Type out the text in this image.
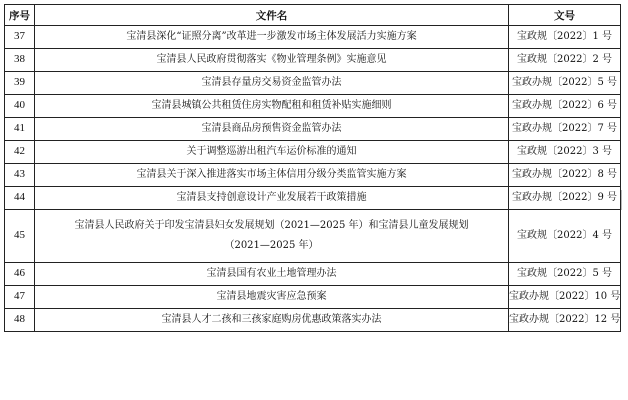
序号	文件名	文号
37	宝清县深化“证照分离”改革进一步激发市场主体发展活力实施方案	宝政规〔2022〕1 号
38	宝清县人民政府贯彻落实《物业管理条例》实施意见	宝政规〔2022〕2 号
39	宝清县存量房交易资金监管办法	宝政办规〔2022〕5 号
40	宝清县城镇公共租赁住房实物配租和租赁补贴实施细则	宝政办规〔2022〕6 号
41	宝清县商品房预售资金监管办法	宝政办规〔2022〕7 号
42	关于调整巡游出租汽车运价标准的通知	宝政规〔2022〕3 号
43	宝清县关于深入推进落实市场主体信用分级分类监管实施方案	宝政办规〔2022〕8 号
44	宝清县支持创意设计产业发展若干政策措施	宝政办规〔2022〕9 号
45	宝清县人民政府关于印发宝清县妇女发展规划（2021—2025 年）和宝清县儿童发展规划
（2021—2025 年）	宝政规〔2022〕4 号
46	宝清县国有农业土地管理办法	宝政规〔2022〕5 号
47	宝清县地震灾害应急预案	宝政办规〔2022〕10 号
48	宝清县人才二孩和三孩家庭购房优惠政策落实办法	宝政办规〔2022〕12 号
